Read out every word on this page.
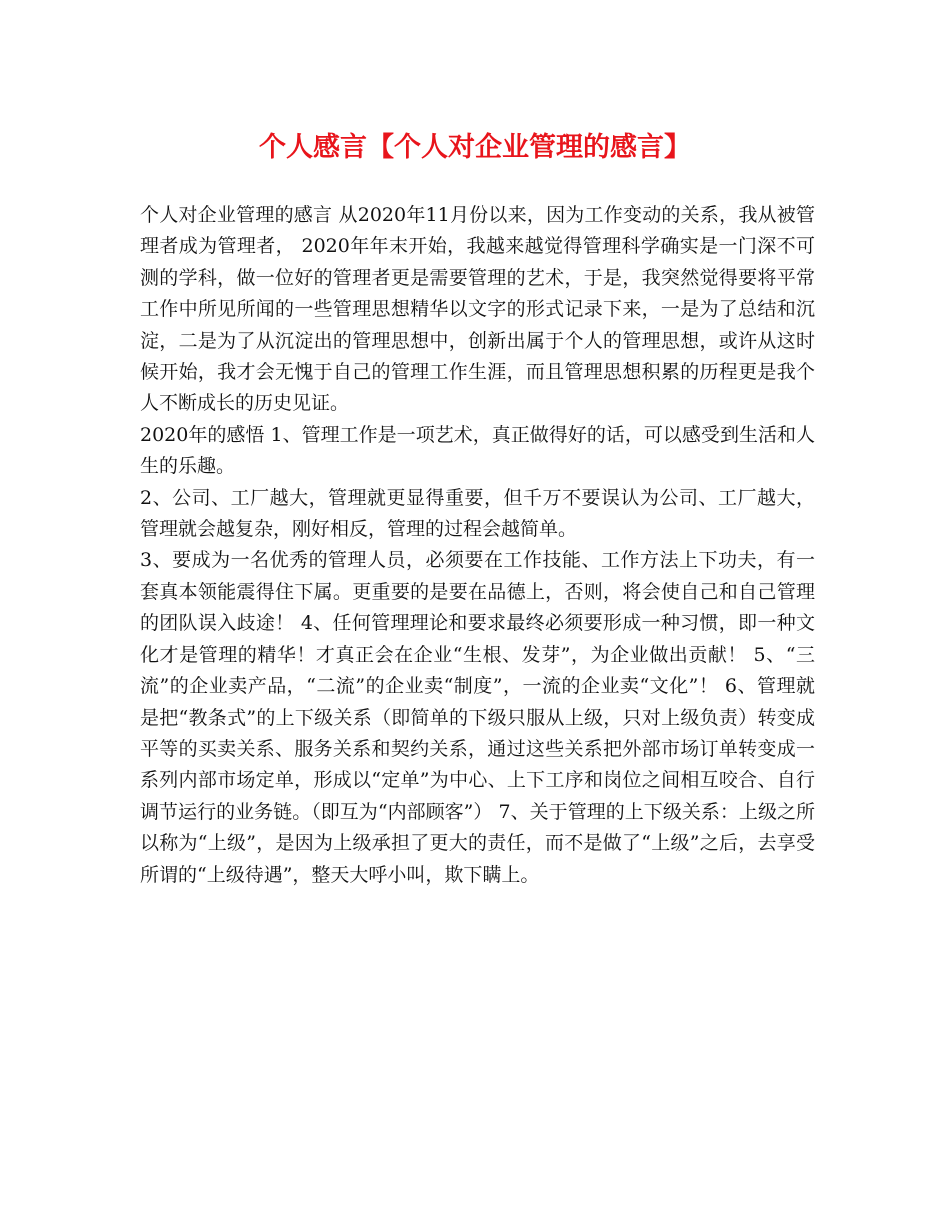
个人感言【个人对企业管理的感言】

个人对企业管理的感言 从2020年11月份以来，因为工作变动的关系，我从被管理者成为管理者， 2020年年末开始，我越来越觉得管理科学确实是一门深不可测的学科，做一位好的管理者更是需要管理的艺术，于是，我突然觉得要将平常工作中所见所闻的一些管理思想精华以文字的形式记录下来，一是为了总结和沉淀，二是为了从沉淀出的管理思想中，创新出属于个人的管理思想，或许从这时候开始，我才会无愧于自己的管理工作生涯，而且管理思想积累的历程更是我个人不断成长的历史见证。

2020年的感悟 1、管理工作是一项艺术，真正做得好的话，可以感受到生活和人生的乐趣。

2、公司、工厂越大，管理就更显得重要，但千万不要误认为公司、工厂越大，管理就会越复杂，刚好相反，管理的过程会越简单。

3、要成为一名优秀的管理人员，必须要在工作技能、工作方法上下功夫，有一套真本领能震得住下属。更重要的是要在品德上，否则，将会使自己和自己管理的团队误入歧途！ 4、任何管理理论和要求最终必须要形成一种习惯，即一种文化才是管理的精华！才真正会在企业“生根、发芽”，为企业做出贡献！ 5、“三流”的企业卖产品，“二流”的企业卖“制度”，一流的企业卖“文化”！ 6、管理就是把“教条式”的上下级关系（即简单的下级只服从上级，只对上级负责）转变成平等的买卖关系、服务关系和契约关系，通过这些关系把外部市场订单转变成一系列内部市场定单，形成以“定单”为中心、上下工序和岗位之间相互咬合、自行调节运行的业务链。（即互为“内部顾客”） 7、关于管理的上下级关系：上级之所以称为“上级”，是因为上级承担了更大的责任，而不是做了“上级”之后，去享受所谓的“上级待遇”，整天大呼小叫，欺下瞒上。
